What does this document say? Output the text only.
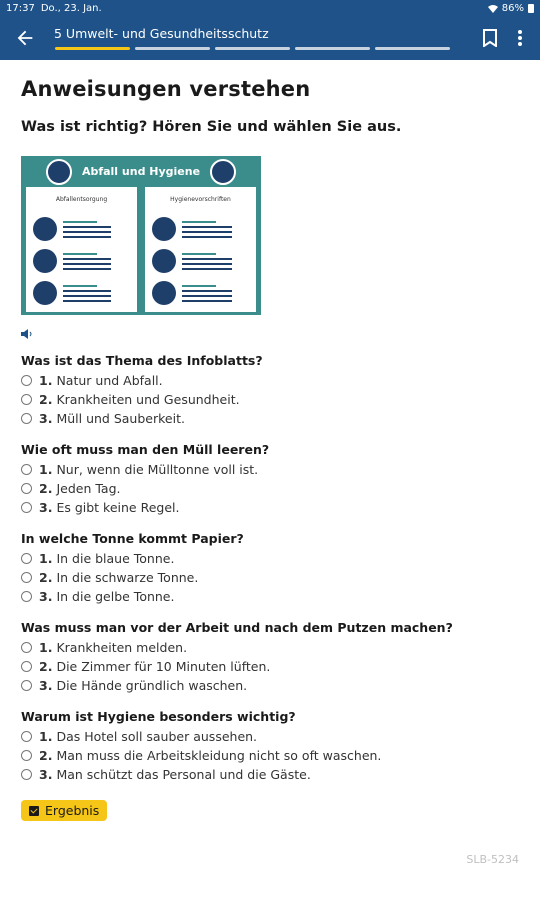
17:37 Do., 23. Jan.	86%
5 Umwelt- und Gesundheitsschutz
Anweisungen verstehen
Was ist richtig? Hören Sie und wählen Sie aus.
Abfall und Hygiene
Abfallentsorgung	Hygienevorschriften
Was ist das Thema des Infoblatts?
1. Natur und Abfall.
2. Krankheiten und Gesundheit.
3. Müll und Sauberkeit.
Wie oft muss man den Müll leeren?
1. Nur, wenn die Mülltonne voll ist.
2. Jeden Tag.
3. Es gibt keine Regel.
In welche Tonne kommt Papier?
1. In die blaue Tonne.
2. In die schwarze Tonne.
3. In die gelbe Tonne.
Was muss man vor der Arbeit und nach dem Putzen machen?
1. Krankheiten melden.
2. Die Zimmer für 10 Minuten lüften.
3. Die Hände gründlich waschen.
Warum ist Hygiene besonders wichtig?
1. Das Hotel soll sauber aussehen.
2. Man muss die Arbeitskleidung nicht so oft waschen.
3. Man schützt das Personal und die Gäste.
Ergebnis
SLB-5234
